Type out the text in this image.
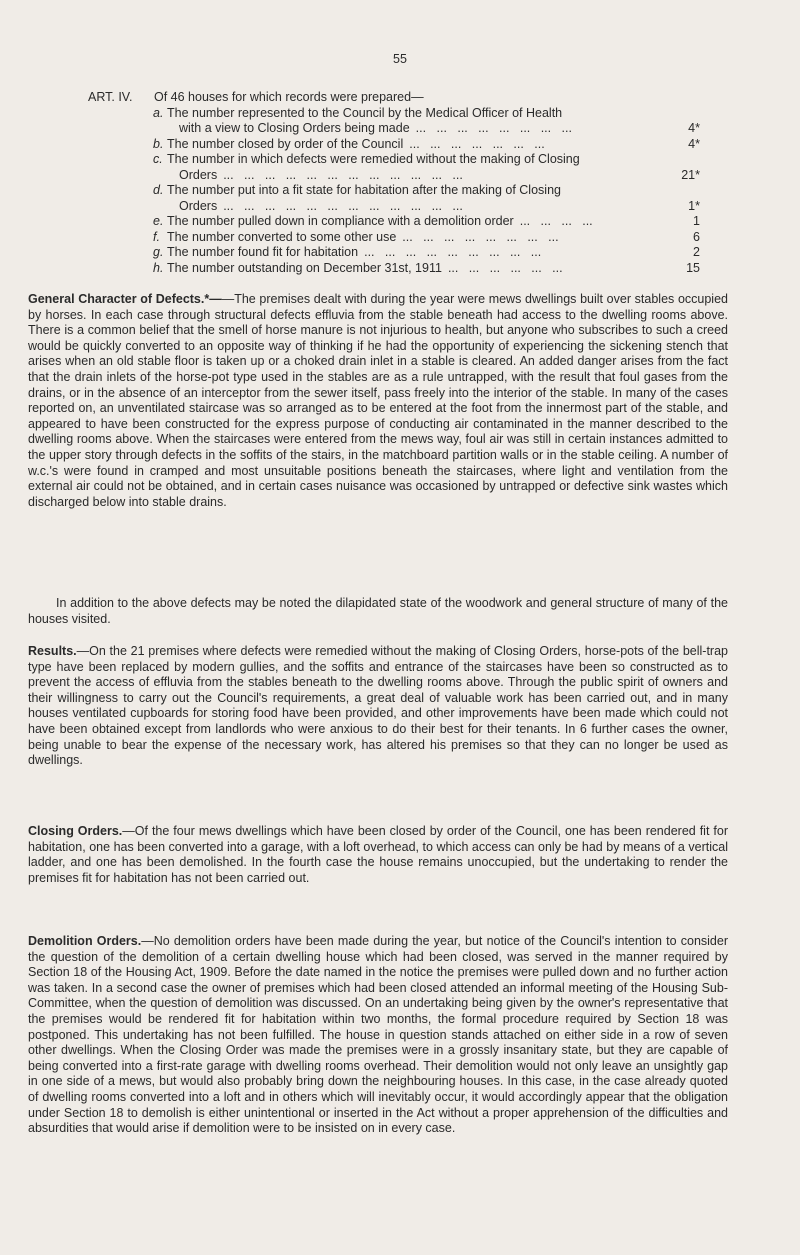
55
ART. IV.	Of 46 houses for which records were prepared—
a. The number represented to the Council by the Medical Officer of Health
with a view to Closing Orders being made ...   ...   ...   ...   ...   ...   ...   ...	4*
b. The number closed by order of the Council ...   ...   ...   ...   ...   ...   ...	4*
c. The number in which defects were remedied without the making of Closing
Orders ...   ...   ...   ...   ...   ...   ...   ...   ...   ...   ...   ...	21*
d. The number put into a fit state for habitation after the making of Closing
Orders ...   ...   ...   ...   ...   ...   ...   ...   ...   ...   ...   ...	1*
e. The number pulled down in compliance with a demolition order ...   ...   ...   ...	1
f. The number converted to some other use ...   ...   ...   ...   ...   ...   ...   ...	6
g. The number found fit for habitation ...   ...   ...   ...   ...   ...   ...   ...   ...	2
h. The number outstanding on December 31st, 1911 ...   ...   ...   ...   ...   ...	15

General Character of Defects.*——The premises dealt with during the year were mews dwellings built over stables occupied by horses. In each case through structural defects effluvia from the stable beneath had access to the dwelling rooms above. There is a common belief that the smell of horse manure is not injurious to health, but anyone who subscribes to such a creed would be quickly converted to an opposite way of thinking if he had the opportunity of experiencing the sickening stench that arises when an old stable floor is taken up or a choked drain inlet in a stable is cleared. An added danger arises from the fact that the drain inlets of the horse-pot type used in the stables are as a rule untrapped, with the result that foul gases from the drains, or in the absence of an interceptor from the sewer itself, pass freely into the interior of the stable. In many of the cases reported on, an unventilated staircase was so arranged as to be entered at the foot from the innermost part of the stable, and appeared to have been constructed for the express purpose of conducting air contaminated in the manner described to the dwelling rooms above. When the staircases were entered from the mews way, foul air was still in certain instances admitted to the upper story through defects in the soffits of the stairs, in the matchboard partition walls or in the stable ceiling. A number of w.c.'s were found in cramped and most unsuitable positions beneath the staircases, where light and ventilation from the external air could not be obtained, and in certain cases nuisance was occasioned by untrapped or defective sink wastes which discharged below into stable drains.

In addition to the above defects may be noted the dilapidated state of the woodwork and general structure of many of the houses visited.

Results.—On the 21 premises where defects were remedied without the making of Closing Orders, horse-pots of the bell-trap type have been replaced by modern gullies, and the soffits and entrance of the staircases have been so constructed as to prevent the access of effluvia from the stables beneath to the dwelling rooms above. Through the public spirit of owners and their willingness to carry out the Council's requirements, a great deal of valuable work has been carried out, and in many houses ventilated cupboards for storing food have been provided, and other improvements have been made which could not have been obtained except from landlords who were anxious to do their best for their tenants. In 6 further cases the owner, being unable to bear the expense of the necessary work, has altered his premises so that they can no longer be used as dwellings.

Closing Orders.—Of the four mews dwellings which have been closed by order of the Council, one has been rendered fit for habitation, one has been converted into a garage, with a loft overhead, to which access can only be had by means of a vertical ladder, and one has been demolished. In the fourth case the house remains unoccupied, but the undertaking to render the premises fit for habitation has not been carried out.

Demolition Orders.—No demolition orders have been made during the year, but notice of the Council's intention to consider the question of the demolition of a certain dwelling house which had been closed, was served in the manner required by Section 18 of the Housing Act, 1909. Before the date named in the notice the premises were pulled down and no further action was taken. In a second case the owner of premises which had been closed attended an informal meeting of the Housing Sub-Committee, when the question of demolition was discussed. On an undertaking being given by the owner's representative that the premises would be rendered fit for habitation within two months, the formal procedure required by Section 18 was postponed. This undertaking has not been fulfilled. The house in question stands attached on either side in a row of seven other dwellings. When the Closing Order was made the premises were in a grossly insanitary state, but they are capable of being converted into a first-rate garage with dwelling rooms overhead. Their demolition would not only leave an unsightly gap in one side of a mews, but would also probably bring down the neighbouring houses. In this case, in the case already quoted of dwelling rooms converted into a loft and in others which will inevitably occur, it would accordingly appear that the obligation under Section 18 to demolish is either unintentional or inserted in the Act without a proper apprehension of the difficulties and absurdities that would arise if demolition were to be insisted on in every case.
